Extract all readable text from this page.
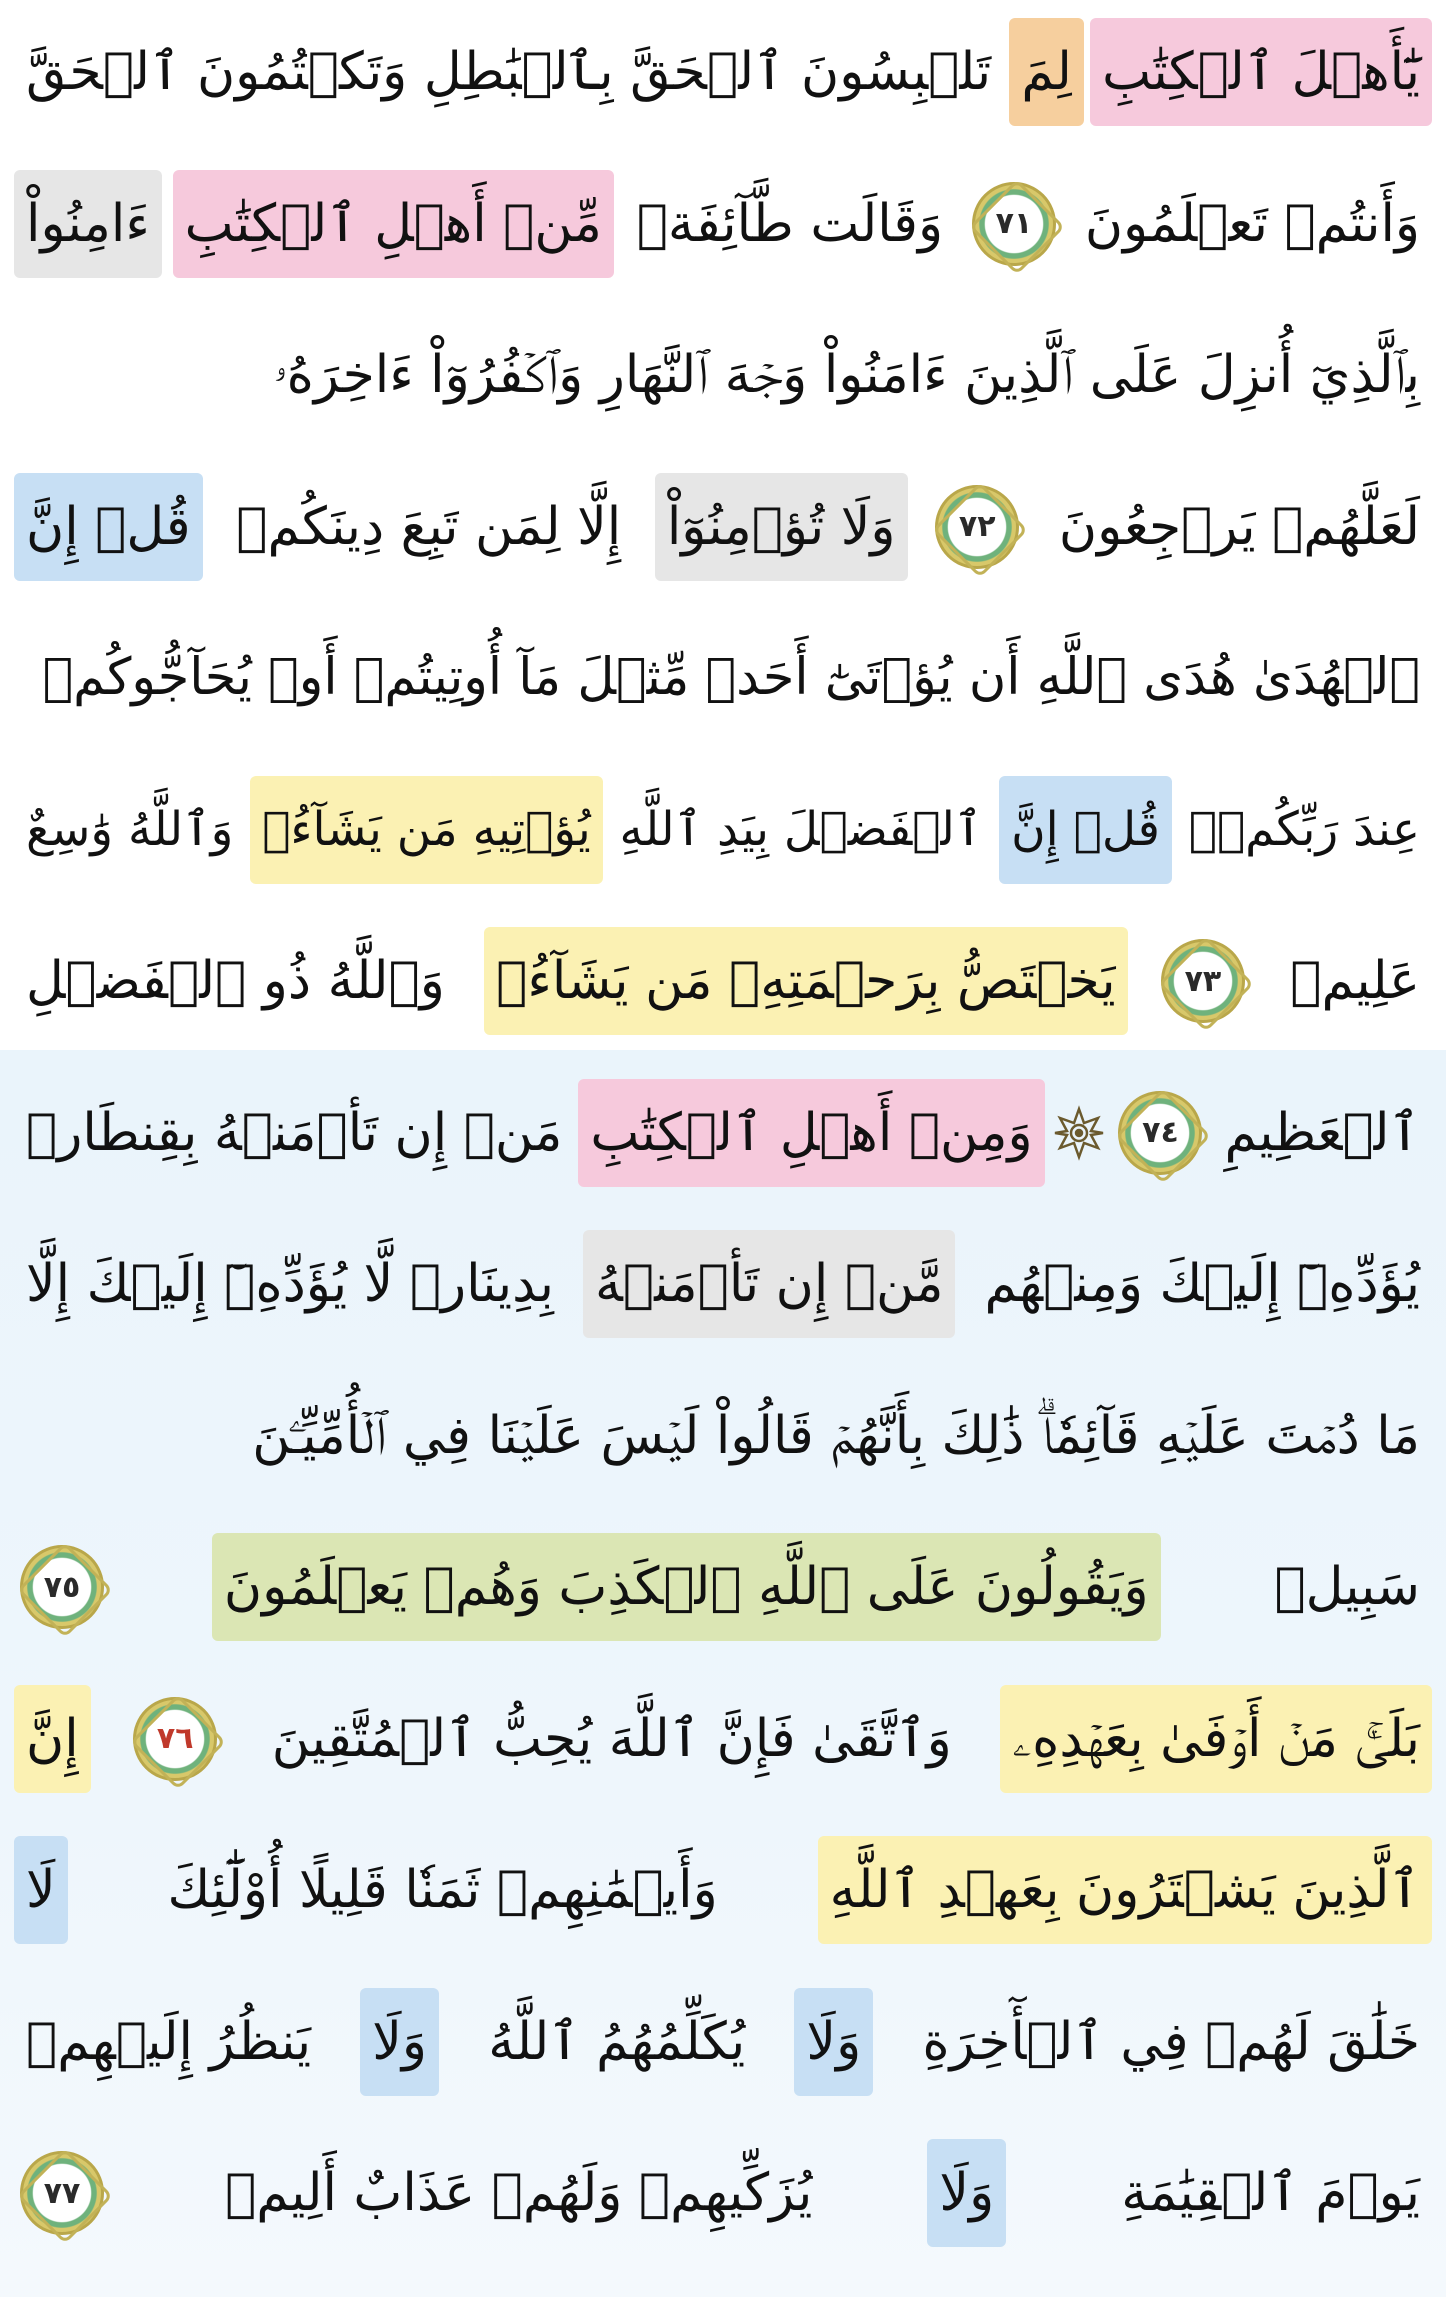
يَٰٓأَهۡلَ ٱلۡكِتَٰبِ
لِمَ
تَلۡبِسُونَ ٱلۡحَقَّ بِٱلۡبَٰطِلِ وَتَكۡتُمُونَ ٱلۡحَقَّ
وَأَنتُمۡ تَعۡلَمُونَ
٧١
وَقَالَت طَّآئِفَةٞ
مِّنۡ أَهۡلِ ٱلۡكِتَٰبِ
ءَامِنُواْ
بِٱلَّذِيٓ أُنزِلَ عَلَى ٱلَّذِينَ ءَامَنُواْ وَجۡهَ ٱلنَّهَارِ وَٱكۡفُرُوٓاْ ءَاخِرَهُۥ
لَعَلَّهُمۡ يَرۡجِعُونَ
٧٢
وَلَا تُؤۡمِنُوٓاْ
إِلَّا لِمَن تَبِعَ دِينَكُمۡ
قُلۡ إِنَّ
ٱلۡهُدَىٰ هُدَى ٱللَّهِ أَن يُؤۡتَىٰٓ أَحَدٞ مِّثۡلَ مَآ أُوتِيتُمۡ أَوۡ يُحَآجُّوكُمۡ
عِندَ رَبِّكُمۡۗ
قُلۡ إِنَّ
ٱلۡفَضۡلَ بِيَدِ ٱللَّهِ
يُؤۡتِيهِ مَن يَشَآءُۗ
وَٱللَّهُ وَٰسِعٌ
عَلِيمٞ
٧٣
يَخۡتَصُّ بِرَحۡمَتِهِۦ مَن يَشَآءُۗ
وَٱللَّهُ ذُو ٱلۡفَضۡلِ
ٱلۡعَظِيمِ
٧٤
وَمِنۡ أَهۡلِ ٱلۡكِتَٰبِ
مَنۡ إِن تَأۡمَنۡهُ بِقِنطَارٖ
يُؤَدِّهِۦٓ إِلَيۡكَ وَمِنۡهُم
مَّنۡ إِن تَأۡمَنۡهُ
بِدِينَارٖ لَّا يُؤَدِّهِۦٓ إِلَيۡكَ إِلَّا
مَا دُمۡتَ عَلَيۡهِ قَآئِمٗاۗ ذَٰلِكَ بِأَنَّهُمۡ قَالُواْ لَيۡسَ عَلَيۡنَا فِي ٱلۡأُمِّيِّـۧنَ
سَبِيلٞ
وَيَقُولُونَ عَلَى ٱللَّهِ ٱلۡكَذِبَ وَهُمۡ يَعۡلَمُونَ
٧٥
بَلَىٰۚ مَنۡ أَوۡفَىٰ بِعَهۡدِهِۦ
وَٱتَّقَىٰ فَإِنَّ ٱللَّهَ يُحِبُّ ٱلۡمُتَّقِينَ
٧٦
إِنَّ
ٱلَّذِينَ يَشۡتَرُونَ بِعَهۡدِ ٱللَّهِ
وَأَيۡمَٰنِهِمۡ ثَمَنٗا قَلِيلًا أُوْلَٰٓئِكَ
لَا
خَلَٰقَ لَهُمۡ فِي ٱلۡأٓخِرَةِ
وَلَا
يُكَلِّمُهُمُ ٱللَّهُ
وَلَا
يَنظُرُ إِلَيۡهِمۡ
يَوۡمَ ٱلۡقِيَٰمَةِ
وَلَا
يُزَكِّيهِمۡ وَلَهُمۡ عَذَابٌ أَلِيمٞ
٧٧
